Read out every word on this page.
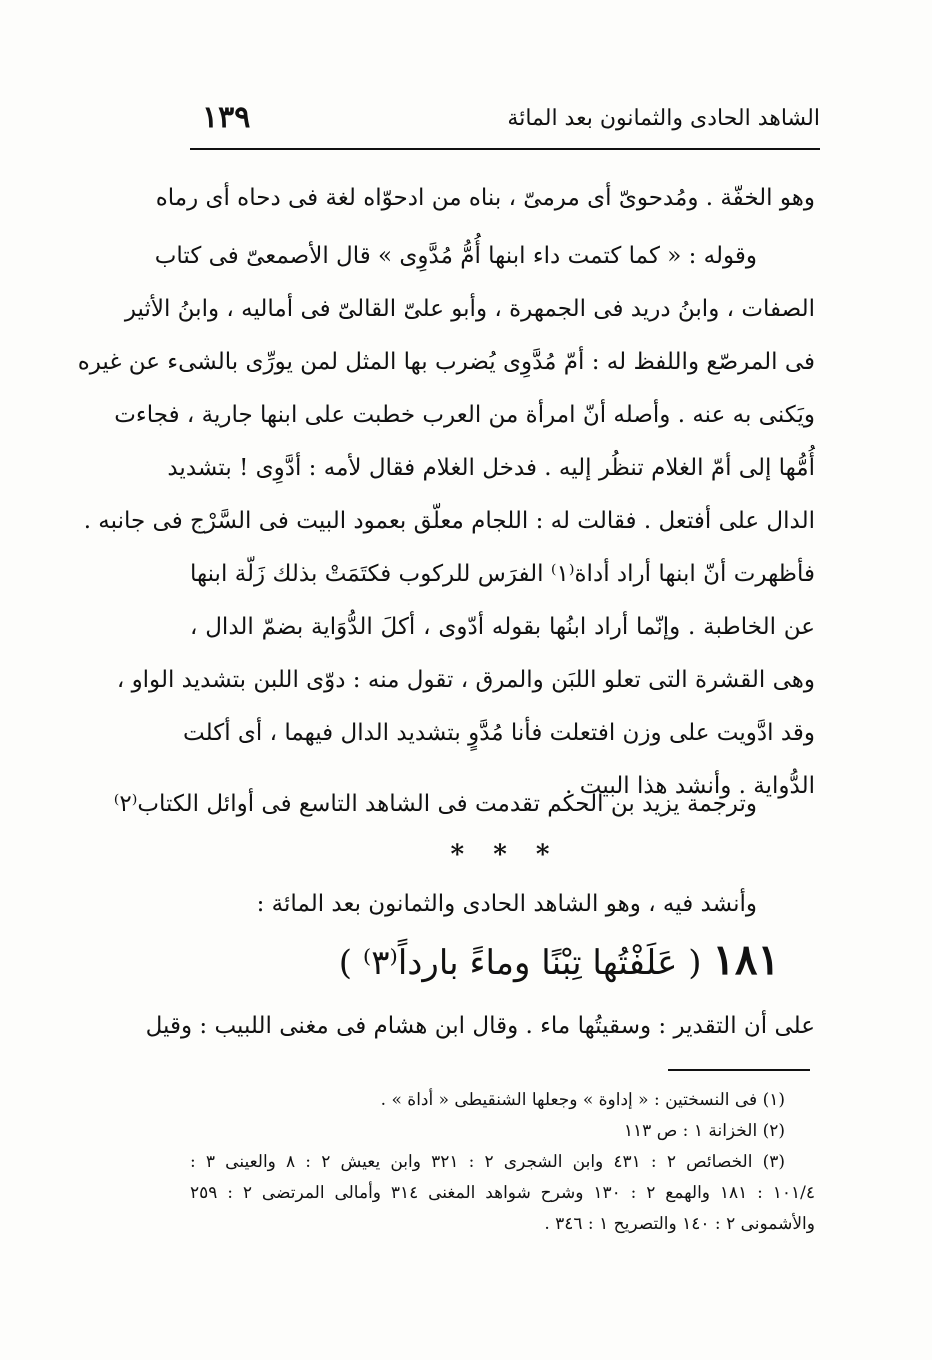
الشاهد الحادى والثمانون بعد المائة
١٣٩
وهو الخفّة . ومُدحوىّ أى مرمىّ ، بناه من ادحوّاه لغة فى دحاه أى رماه
وقوله : « كما كتمت داء ابنها أُمُّ مُدَّوِى » قال الأصمعىّ فى كتاب
الصفات ، وابنُ دريد فى الجمهرة ، وأبو علىّ القالىّ فى أماليه ، وابنُ الأثير
فى المرصّع واللفظ له : أمّ مُدَّوِى يُضرب بها المثل لمن يورِّى بالشىء عن غيره
ويَكنى به عنه . وأصله أنّ امرأة من العرب خطبت على ابنها جارية ، فجاءت
أُمُّها إلى أمّ الغلام تنظُر إليه . فدخل الغلام فقال لأمه : أدَّوِى ! بتشديد
الدال على أفتعل . فقالت له : اللجام معلّق بعمود البيت فى السَّرْج فى جانبه .
فأظهرت أنّ ابنها أراد أداة⁽١⁾ الفرَس للركوب فكتَمَتْ بذلك زَلّة ابنها
عن الخاطبة . وإنّما أراد ابنُها بقوله أدّوى ، أكلَ الدُّوَاية بضمّ الدال ،
وهى القشرة التى تعلو اللبَن والمرق ، تقول منه : دوّى اللبن بتشديد الواو ،
وقد ادَّويت على وزن افتعلت فأنا مُدَّوٍ بتشديد الدال فيهما ، أى أكلت
الدُّواية . وأنشد هذا البيت .
وترجمة يزيد بن الحكم تقدمت فى الشاهد التاسع فى أوائل الكتاب⁽٢⁾
* * *
وأنشد فيه ، وهو الشاهد الحادى والثمانون بعد المائة :
١٨١ ( عَلَفْتُها تِبْنًا وماءً بارداً⁽٣⁾ )
على أن التقدير : وسقيتُها ماء . وقال ابن هشام فى مغنى اللبيب : وقيل
(١) فى النسختين : « إداوة » وجعلها الشنقيطى « أداة » .
(٢) الخزانة ١ : ص ١١٣
(٣) الخصائص ٢ : ٤٣١ وابن الشجرى ٢ : ٣٢١ وابن يعيش ٢ : ٨ والعينى ٣ :
١٠١/٤ : ١٨١ والهمع ٢ : ١٣٠ وشرح شواهد المغنى ٣١٤ وأمالى المرتضى ٢ : ٢٥٩
والأشمونى ٢ : ١٤٠ والتصريح ١ : ٣٤٦ .
